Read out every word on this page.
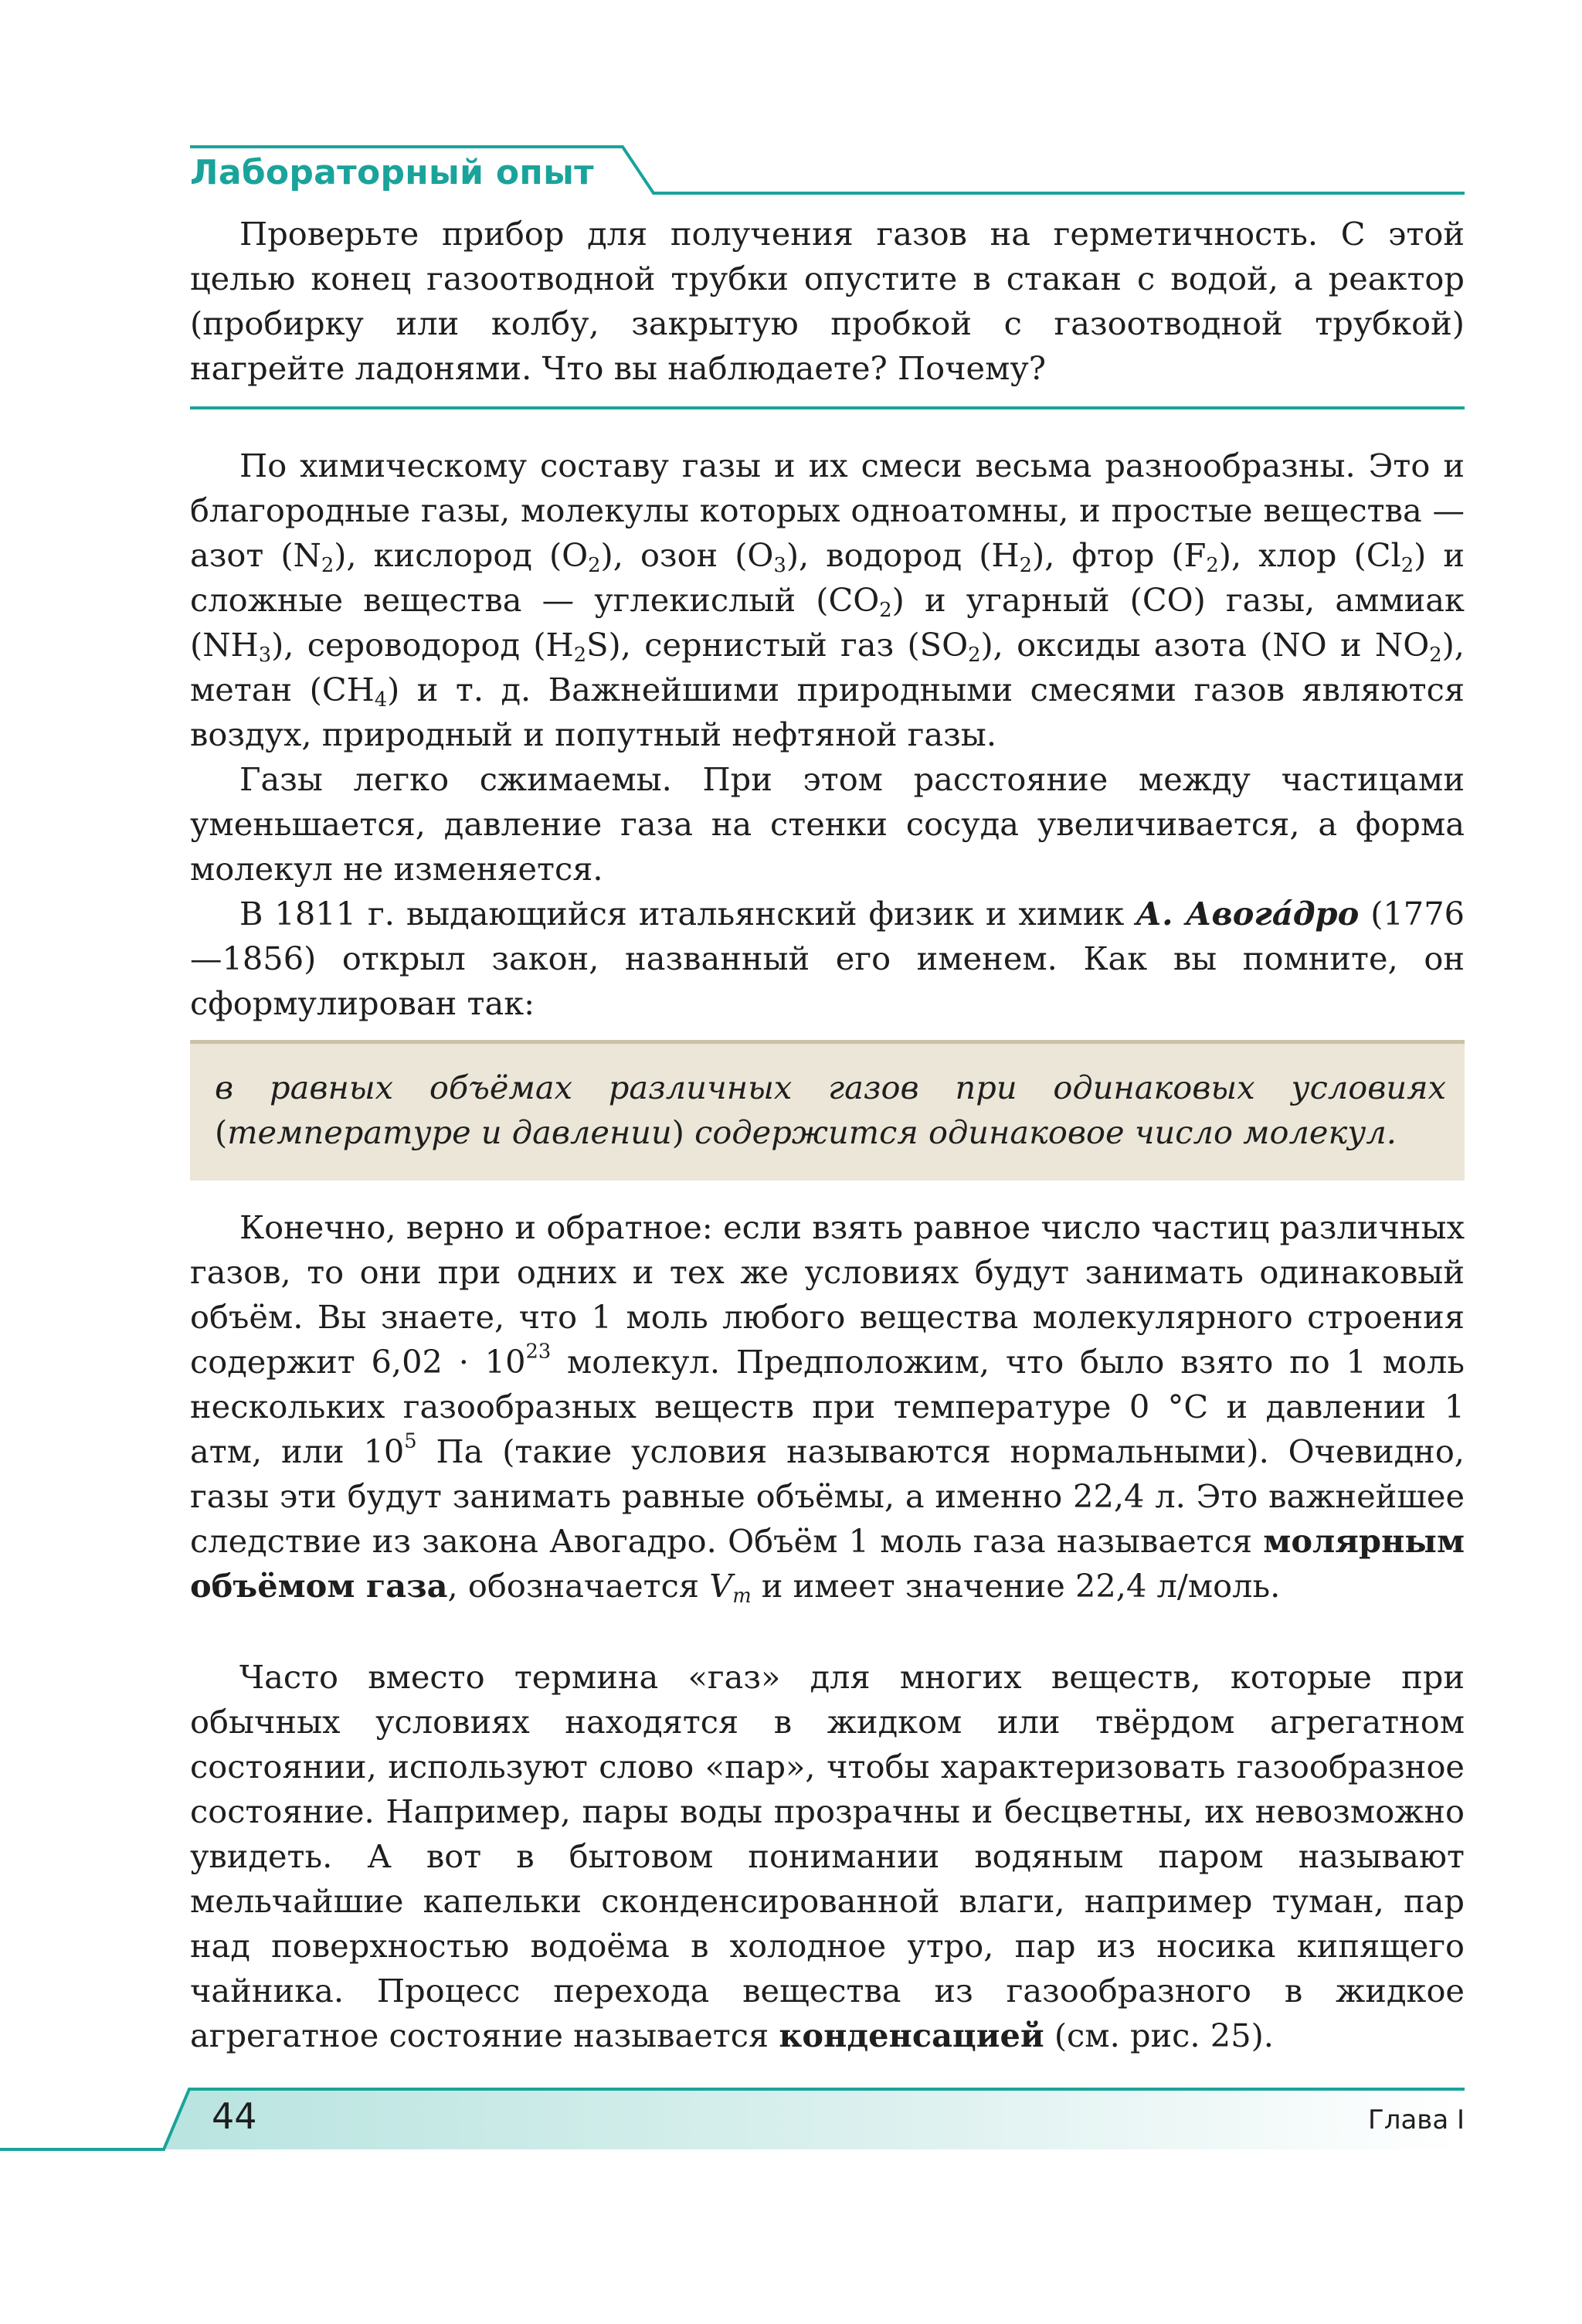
Лабораторный опыт

Проверьте прибор для получения газов на герметичность. С этой целью конец газоотводной трубки опустите в стакан с водой, а реактор (пробирку или колбу, закрытую пробкой с газоотводной трубкой) нагрейте ладонями. Что вы наблюдаете? Почему?

По химическому составу газы и их смеси весьма разнообразны. Это и благородные газы, молекулы которых одноатомны, и простые вещества — азот $(N_2)$, кислород $(O_2)$, озон $(O_3)$, водород $(H_2)$, фтор $(F_2)$, хлор $(Cl_2)$ и сложные вещества — углекислый $(CO_2)$ и угарный (CO) газы, аммиак $(NH_3)$, сероводород $(H_2S)$, сернистый газ $(SO_2)$, оксиды азота (NO и $NO_2$), метан $(CH_4)$ и т. д. Важнейшими природными смесями газов являются воздух, природный и попутный нефтяной газы.

Газы легко сжимаемы. При этом расстояние между частицами уменьшается, давление газа на стенки сосуда увеличивается, а форма молекул не изменяется.

В 1811 г. выдающийся итальянский физик и химик А. Авога́дро (1776—1856) открыл закон, названный его именем. Как вы помните, он сформулирован так:

в равных объёмах различных газов при одинаковых условиях (температуре и давлении) содержится одинаковое число молекул.

Конечно, верно и обратное: если взять равное число частиц различных газов, то они при одних и тех же условиях будут занимать одинаковый объём. Вы знаете, что 1 моль любого вещества молекулярного строения содержит $6,02 \cdot 10^{23}$ молекул. Предположим, что было взято по 1 моль нескольких газообразных веществ при температуре 0 °С и давлении 1 атм, или $10^5$ Па (такие условия называются нормальными). Очевидно, газы эти будут занимать равные объёмы, а именно 22,4 л. Это важнейшее следствие из закона Авогадро. Объём 1 моль газа называется молярным объёмом газа, обозначается $V_m$ и имеет значение 22,4 л/моль.

Часто вместо термина «газ» для многих веществ, которые при обычных условиях находятся в жидком или твёрдом агрегатном состоянии, используют слово «пар», чтобы характеризовать газообразное состояние. Например, пары воды прозрачны и бесцветны, их невозможно увидеть. А вот в бытовом понимании водяным паром называют мельчайшие капельки сконденсированной влаги, например туман, пар над поверхностью водоёма в холодное утро, пар из носика кипящего чайника. Процесс перехода вещества из газообразного в жидкое агрегатное состояние называется конденсацией (см. рис. 25).

44	Глава I
